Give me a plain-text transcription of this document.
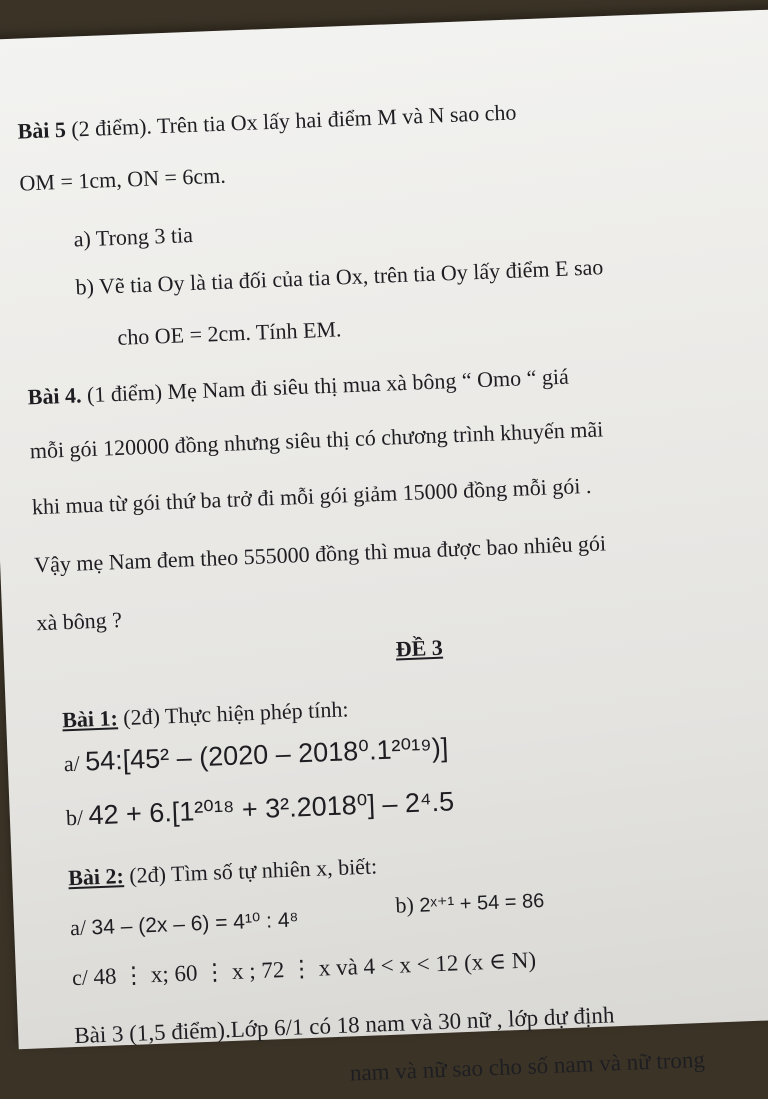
Bài 5 (2 điểm). Trên tia Ox lấy hai điểm M và N sao cho
OM = 1cm, ON = 6cm.
a) Trong 3 tia
b) Vẽ tia Oy là tia đối của tia Ox, trên tia Oy lấy điểm E sao
cho OE = 2cm. Tính EM.
Bài 4. (1 điểm) Mẹ Nam đi siêu thị mua xà bông “ Omo “ giá
mỗi gói 120000 đồng nhưng siêu thị có chương trình khuyến mãi
khi mua từ gói thứ ba trở đi mỗi gói giảm 15000 đồng mỗi gói .
Vậy mẹ Nam đem theo 555000 đồng thì mua được bao nhiêu gói
xà bông ?
ĐỀ 3
Bài 1: (2đ) Thực hiện phép tính:
a/ 54:[45² – (2020 – 2018⁰.1²⁰¹⁹)]
b/ 42 + 6.[1²⁰¹⁸ + 3².2018⁰] – 2⁴.5
Bài 2: (2đ) Tìm số tự nhiên x, biết:
a/ 34 – (2x – 6) = 4¹⁰ : 4⁸
b) 2ˣ⁺¹ + 54 = 86
c/ 48 ⋮ x; 60 ⋮ x ; 72 ⋮ x và 4 < x < 12 (x ∈ N)
Bài 3 (1,5 điểm).Lớp 6/1 có 18 nam và 30 nữ , lớp dự định
nam và nữ sao cho số nam và nữ trong
